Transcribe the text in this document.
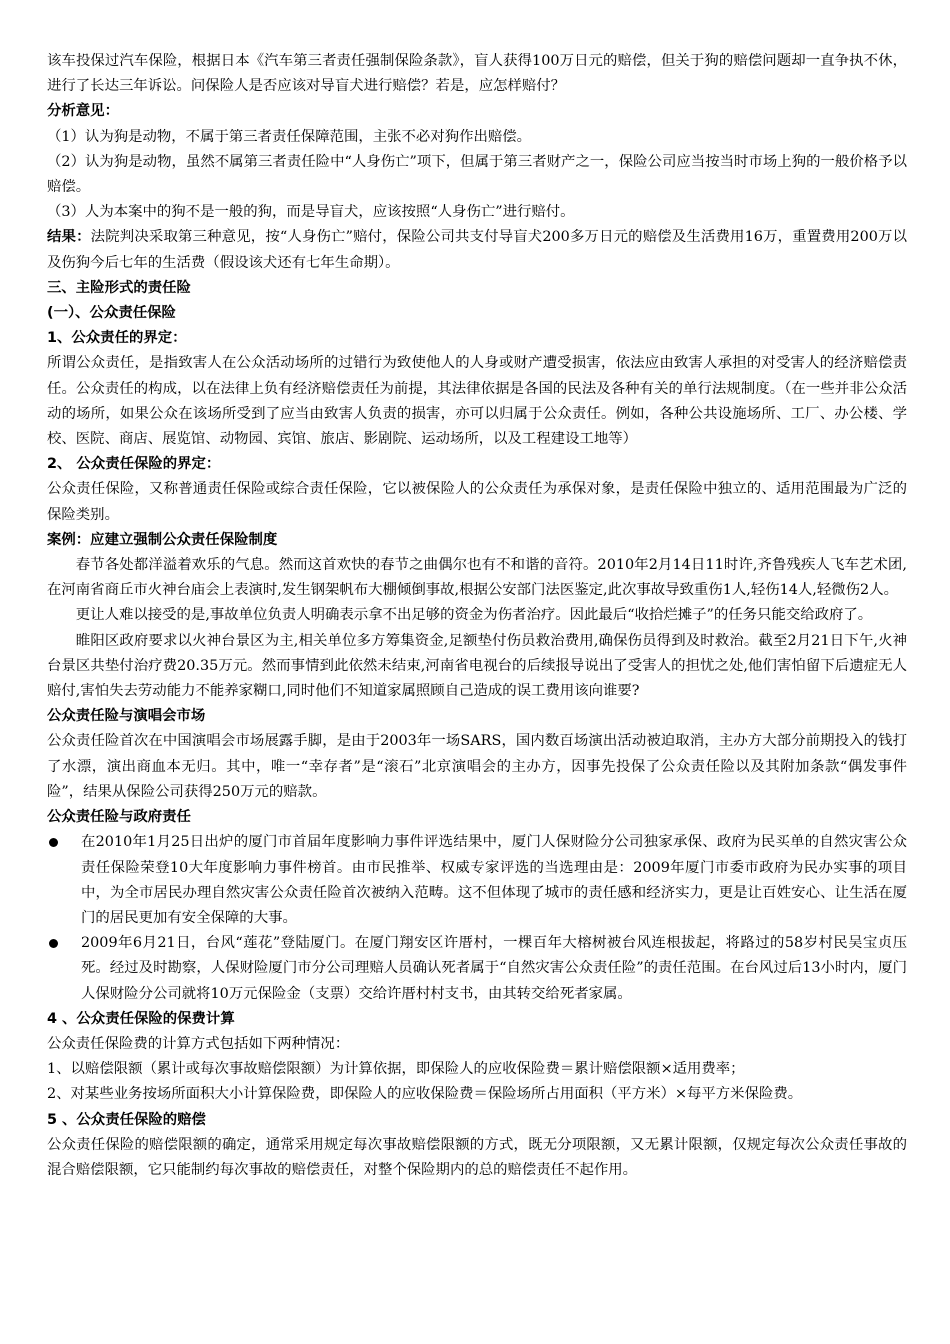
该车投保过汽车保险，根据日本《汽车第三者责任强制保险条款》，盲人获得100万日元的赔偿，但关于狗的赔偿问题却一直争执不休，进行了长达三年诉讼。问保险人是否应该对导盲犬进行赔偿？若是，应怎样赔付？

分析意见：

（1）认为狗是动物，不属于第三者责任保障范围，主张不必对狗作出赔偿。

（2）认为狗是动物，虽然不属第三者责任险中“人身伤亡”项下，但属于第三者财产之一，保险公司应当按当时市场上狗的一般价格予以赔偿。

（3）人为本案中的狗不是一般的狗，而是导盲犬，应该按照“人身伤亡”进行赔付。

结果：法院判决采取第三种意见，按“人身伤亡”赔付，保险公司共支付导盲犬200多万日元的赔偿及生活费用16万，重置费用200万以及伤狗今后七年的生活费（假设该犬还有七年生命期）。

三、主险形式的责任险

(一）、公众责任保险

1、公众责任的界定：

所谓公众责任，是指致害人在公众活动场所的过错行为致使他人的人身或财产遭受损害，依法应由致害人承担的对受害人的经济赔偿责任。公众责任的构成，以在法律上负有经济赔偿责任为前提，其法律依据是各国的民法及各种有关的单行法规制度。（在一些并非公众活动的场所，如果公众在该场所受到了应当由致害人负责的损害，亦可以归属于公众责任。例如，各种公共设施场所、工厂、办公楼、学校、医院、商店、展览馆、动物园、宾馆、旅店、影剧院、运动场所，以及工程建设工地等）

2、 公众责任保险的界定：

公众责任保险，又称普通责任保险或综合责任保险，它以被保险人的公众责任为承保对象，是责任保险中独立的、适用范围最为广泛的保险类别。

案例：应建立强制公众责任保险制度

春节各处都洋溢着欢乐的气息。然而这首欢快的春节之曲偶尔也有不和谐的音符。2010年2月14日11时许,齐鲁残疾人飞车艺术团,在河南省商丘市火神台庙会上表演时,发生钢架帆布大棚倾倒事故,根据公安部门法医鉴定,此次事故导致重伤1人,轻伤14人,轻微伤2人。

更让人难以接受的是,事故单位负责人明确表示拿不出足够的资金为伤者治疗。因此最后“收拾烂摊子”的任务只能交给政府了。

睢阳区政府要求以火神台景区为主,相关单位多方筹集资金,足额垫付伤员救治费用,确保伤员得到及时救治。截至2月21日下午,火神台景区共垫付治疗费20.35万元。然而事情到此依然未结束,河南省电视台的后续报导说出了受害人的担忧之处,他们害怕留下后遗症无人赔付,害怕失去劳动能力不能养家糊口,同时他们不知道家属照顾自己造成的误工费用该向谁要?

公众责任险与演唱会市场

公众责任险首次在中国演唱会市场展露手脚，是由于2003年一场SARS，国内数百场演出活动被迫取消，主办方大部分前期投入的钱打了水漂，演出商血本无归。其中，唯一“幸存者”是“滚石”北京演唱会的主办方，因事先投保了公众责任险以及其附加条款“偶发事件险”，结果从保险公司获得250万元的赔款。

公众责任险与政府责任

在2010年1月25日出炉的厦门市首届年度影响力事件评选结果中，厦门人保财险分公司独家承保、政府为民买单的自然灾害公众责任保险荣登10大年度影响力事件榜首。由市民推举、权威专家评选的当选理由是：2009年厦门市委市政府为民办实事的项目中，为全市居民办理自然灾害公众责任险首次被纳入范畴。这不但体现了城市的责任感和经济实力，更是让百姓安心、让生活在厦门的居民更加有安全保障的大事。

2009年6月21日，台风“莲花”登陆厦门。在厦门翔安区许厝村，一棵百年大榕树被台风连根拔起，将路过的58岁村民吴宝贞压死。经过及时勘察，人保财险厦门市分公司理赔人员确认死者属于“自然灾害公众责任险”的责任范围。在台风过后13小时内，厦门人保财险分公司就将10万元保险金（支票）交给许厝村村支书，由其转交给死者家属。

4 、公众责任保险的保费计算

公众责任保险费的计算方式包括如下两种情况：

1、以赔偿限额（累计或每次事故赔偿限额）为计算依据，即保险人的应收保险费＝累计赔偿限额×适用费率；

2、对某些业务按场所面积大小计算保险费，即保险人的应收保险费＝保险场所占用面积（平方米）×每平方米保险费。

5 、公众责任保险的赔偿

公众责任保险的赔偿限额的确定，通常采用规定每次事故赔偿限额的方式，既无分项限额，又无累计限额，仅规定每次公众责任事故的混合赔偿限额，它只能制约每次事故的赔偿责任，对整个保险期内的总的赔偿责任不起作用。
